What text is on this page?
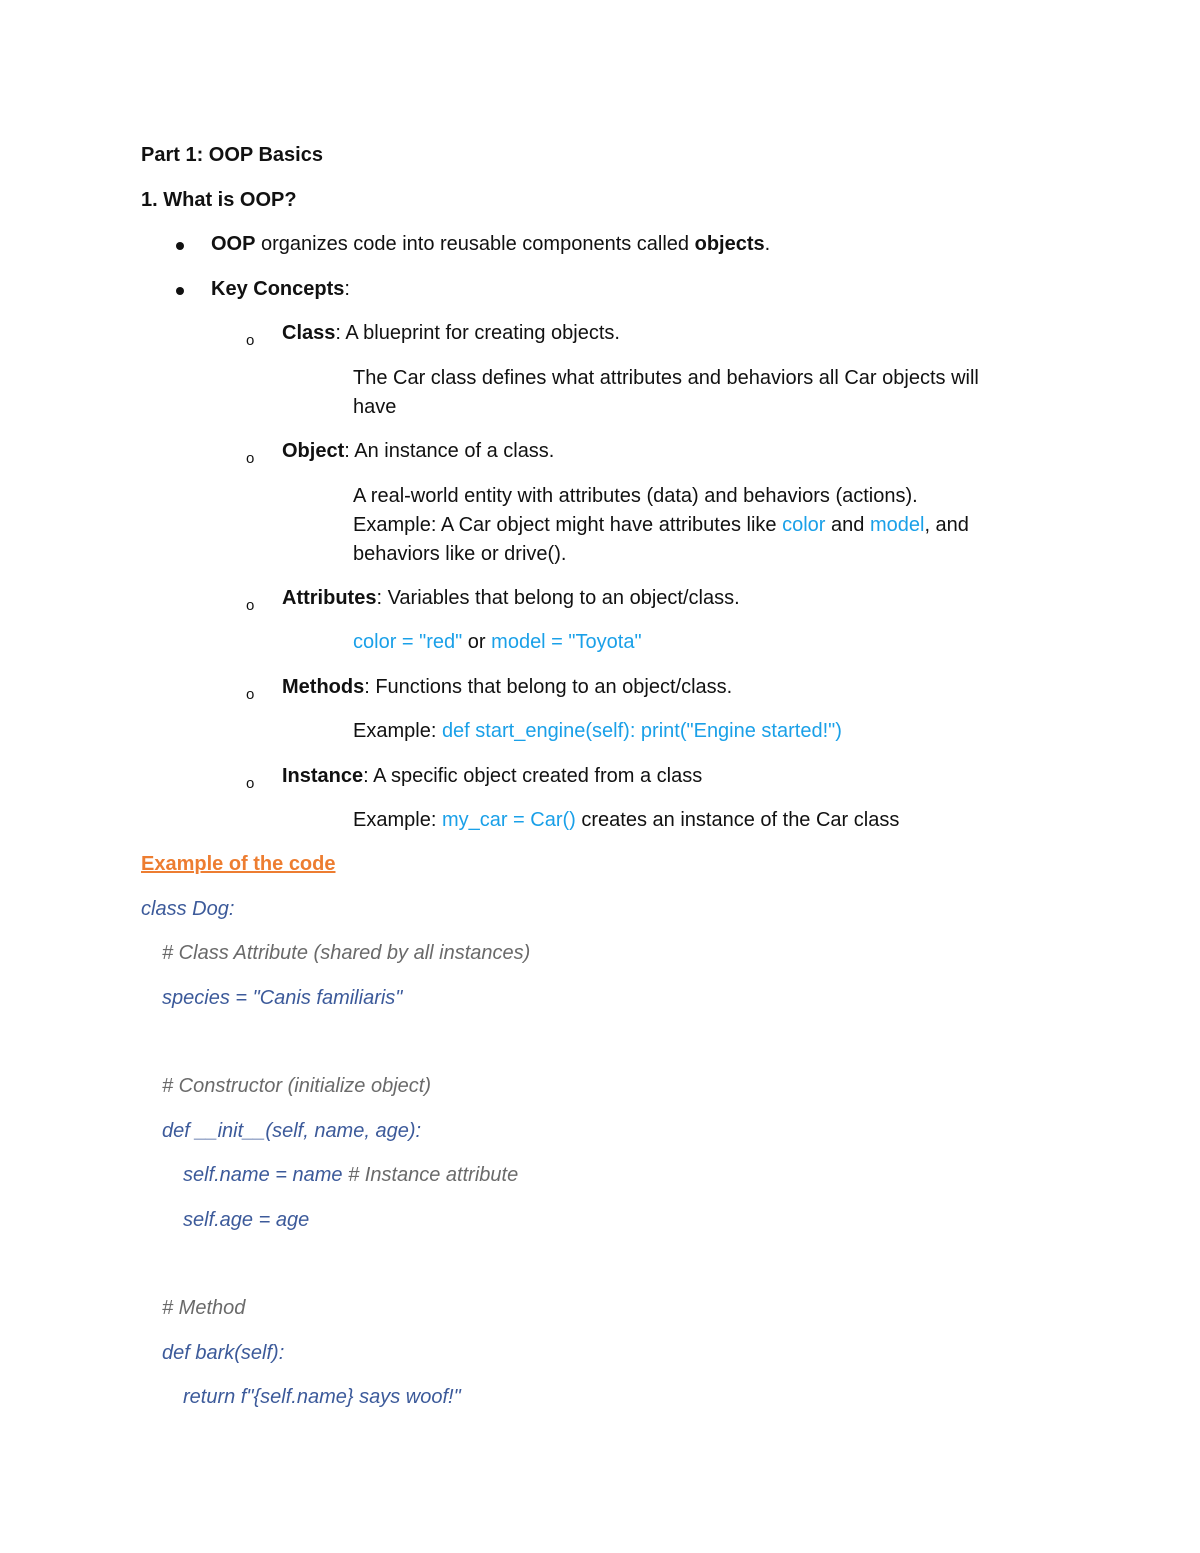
Part 1: OOP Basics
1. What is OOP?
OOP organizes code into reusable components called objects.
Key Concepts:
o Class: A blueprint for creating objects.
The Car class defines what attributes and behaviors all Car objects will
have
o Object: An instance of a class.
A real-world entity with attributes (data) and behaviors (actions).
Example: A Car object might have attributes like color and model, and
behaviors like or drive().
o Attributes: Variables that belong to an object/class.
color = "red" or model = "Toyota"
o Methods: Functions that belong to an object/class.
Example: def start_engine(self): print("Engine started!")
o Instance: A specific object created from a class
Example: my_car = Car() creates an instance of the Car class
Example of the code
class Dog:
# Class Attribute (shared by all instances)
species = "Canis familiaris"
# Constructor (initialize object)
def __init__(self, name, age):
self.name = name # Instance attribute
self.age = age
# Method
def bark(self):
return f"{self.name} says woof!"
